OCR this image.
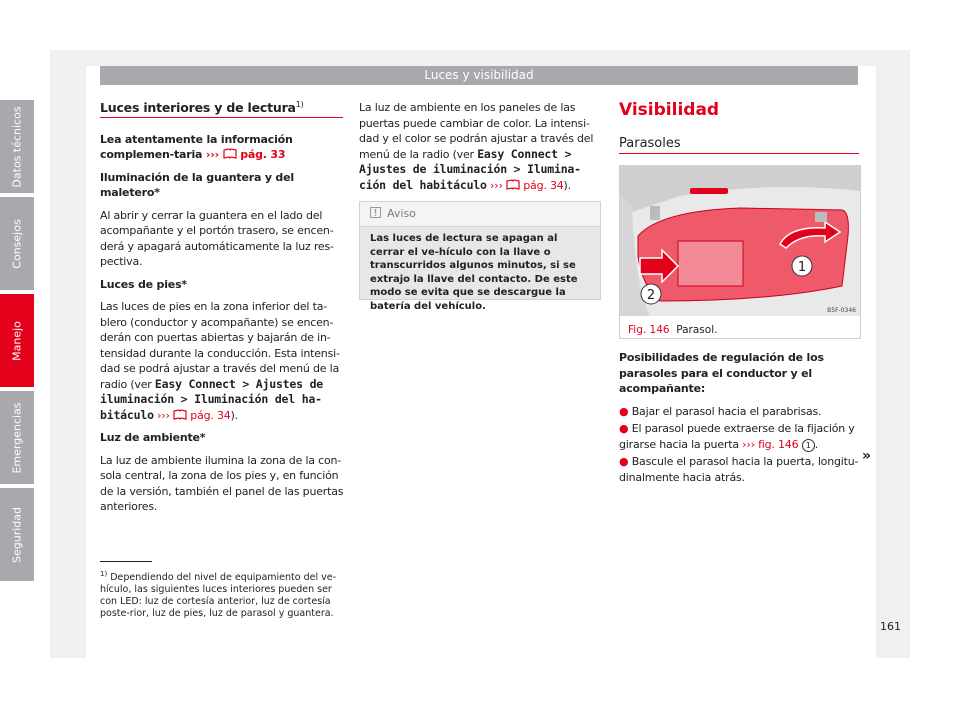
Luces y visibilidad
Luces interiores y de lectura$^{1)}$

Lea atentamente la información complemen-taria ››› pág. 33

Iluminación de la guantera y del maletero*

Al abrir y cerrar la guantera en el lado del acompañante y el portón trasero, se encen-derá y apagará automáticamente la luz res-pectiva.

Luces de pies*

Las luces de pies en la zona inferior del ta-blero (conductor y acompañante) se encen-derán con puertas abiertas y bajarán de in-tensidad durante la conducción. Esta intensi-dad se podrá ajustar a través del menú de la radio (ver Easy Connect > Ajustes de iluminación > Iluminación del ha-bitáculo ››› pág. 34).

Luz de ambiente*

La luz de ambiente ilumina la zona de la con-sola central, la zona de los pies y, en función de la versión, también el panel de las puertas anteriores.

La luz de ambiente en los paneles de las puertas puede cambiar de color. La intensi-dad y el color se podrán ajustar a través del menú de la radio (ver Easy Connect > Ajustes de iluminación > Ilumina-ción del habitáculo ››› pág. 34).

Aviso
Las luces de lectura se apagan al cerrar el ve-hículo con la llave o transcurridos algunos minutos, si se extrajo la llave del contacto. De este modo se evita que se descargue la batería del vehículo.
Visibilidad
Parasoles
1
2
B5F-0346
Fig. 146 Parasol.

Posibilidades de regulación de los parasoles para el conductor y el acompañante:

● Bajar el parasol hacia el parabrisas.

● El parasol puede extraerse de la fijación y girarse hacia la puerta ››› fig. 146 1 .

● Bascule el parasol hacia la puerta, longitu-dinalmente hacia atrás.

»
$^{1)}$ Dependiendo del nivel de equipamiento del ve-hículo, las siguientes luces interiores pueden ser con LED: luz de cortesía anterior, luz de cortesía poste-rior, luz de pies, luz de parasol y guantera.
Datos técnicos
Consejos
Manejo
Emergencias
Seguridad
161
